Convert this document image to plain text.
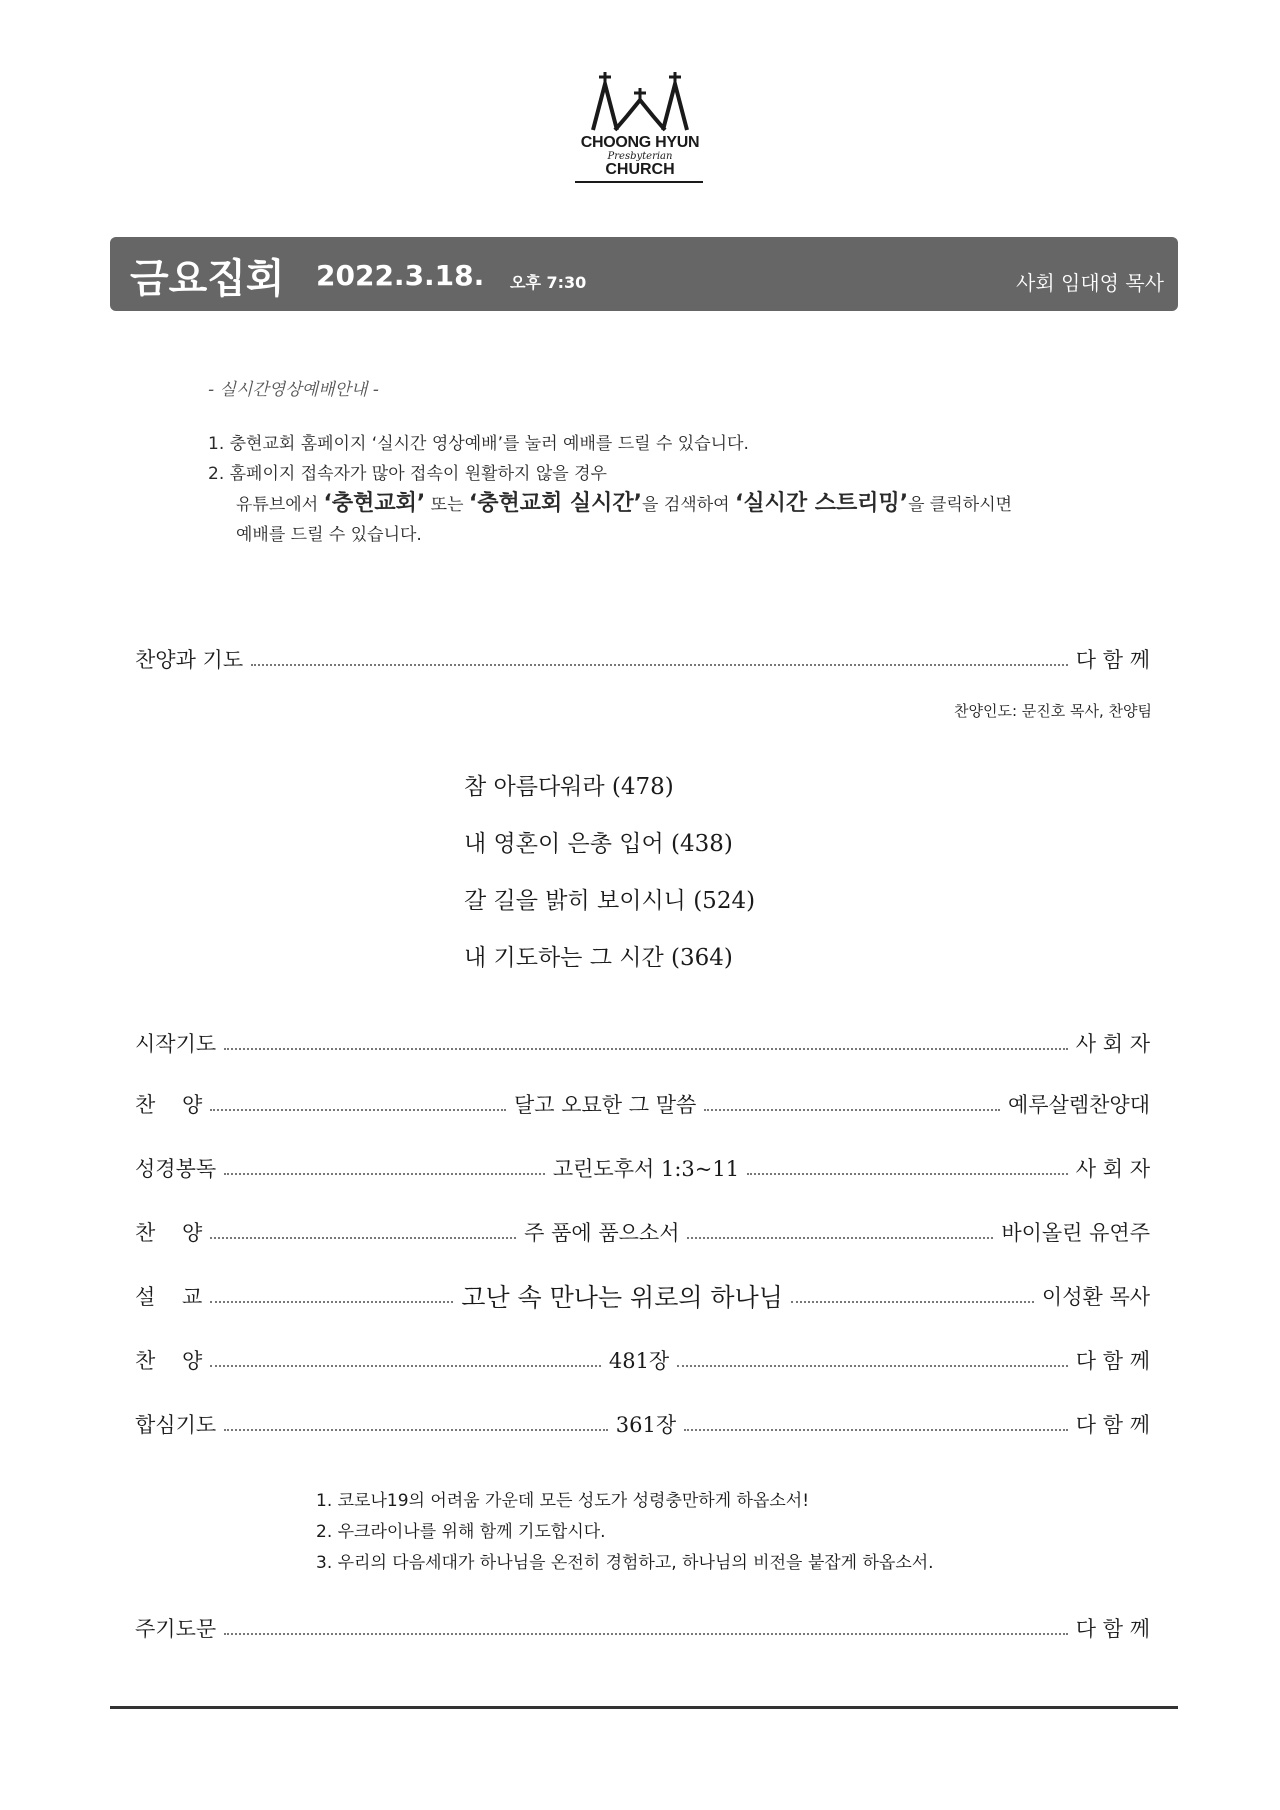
CHOONG HYUN
Presbyterian
CHURCH
금요집회 2022.3.18. 오후 7:30	사회 임대영 목사
- 실시간영상예배안내 -
1. 충현교회 홈페이지 ‘실시간 영상예배’를 눌러 예배를 드릴 수 있습니다.
2. 홈페이지 접속자가 많아 접속이 원활하지 않을 경우
유튜브에서 ‘충현교회’ 또는 ‘충현교회 실시간’을 검색하여 ‘실시간 스트리밍’을 클릭하시면
예배를 드릴 수 있습니다.
찬양과 기도	다 함 께
찬양인도: 문진호 목사, 찬양팀
참 아름다워라 (478)
내 영혼이 은총 입어 (438)
갈 길을 밝히 보이시니 (524)
내 기도하는 그 시간 (364)
시작기도	사 회 자
찬    양	달고 오묘한 그 말씀	예루살렘찬양대
성경봉독	고린도후서 1:3~11	사 회 자
찬    양	주 품에 품으소서	바이올린 유연주
설    교	고난 속 만나는 위로의 하나님	이성환 목사
찬    양	481장	다 함 께
합심기도	361장	다 함 께
1. 코로나19의 어려움 가운데 모든 성도가 성령충만하게 하옵소서!
2. 우크라이나를 위해 함께 기도합시다.
3. 우리의 다음세대가 하나님을 온전히 경험하고, 하나님의 비전을 붙잡게 하옵소서.
주기도문	다 함 께
